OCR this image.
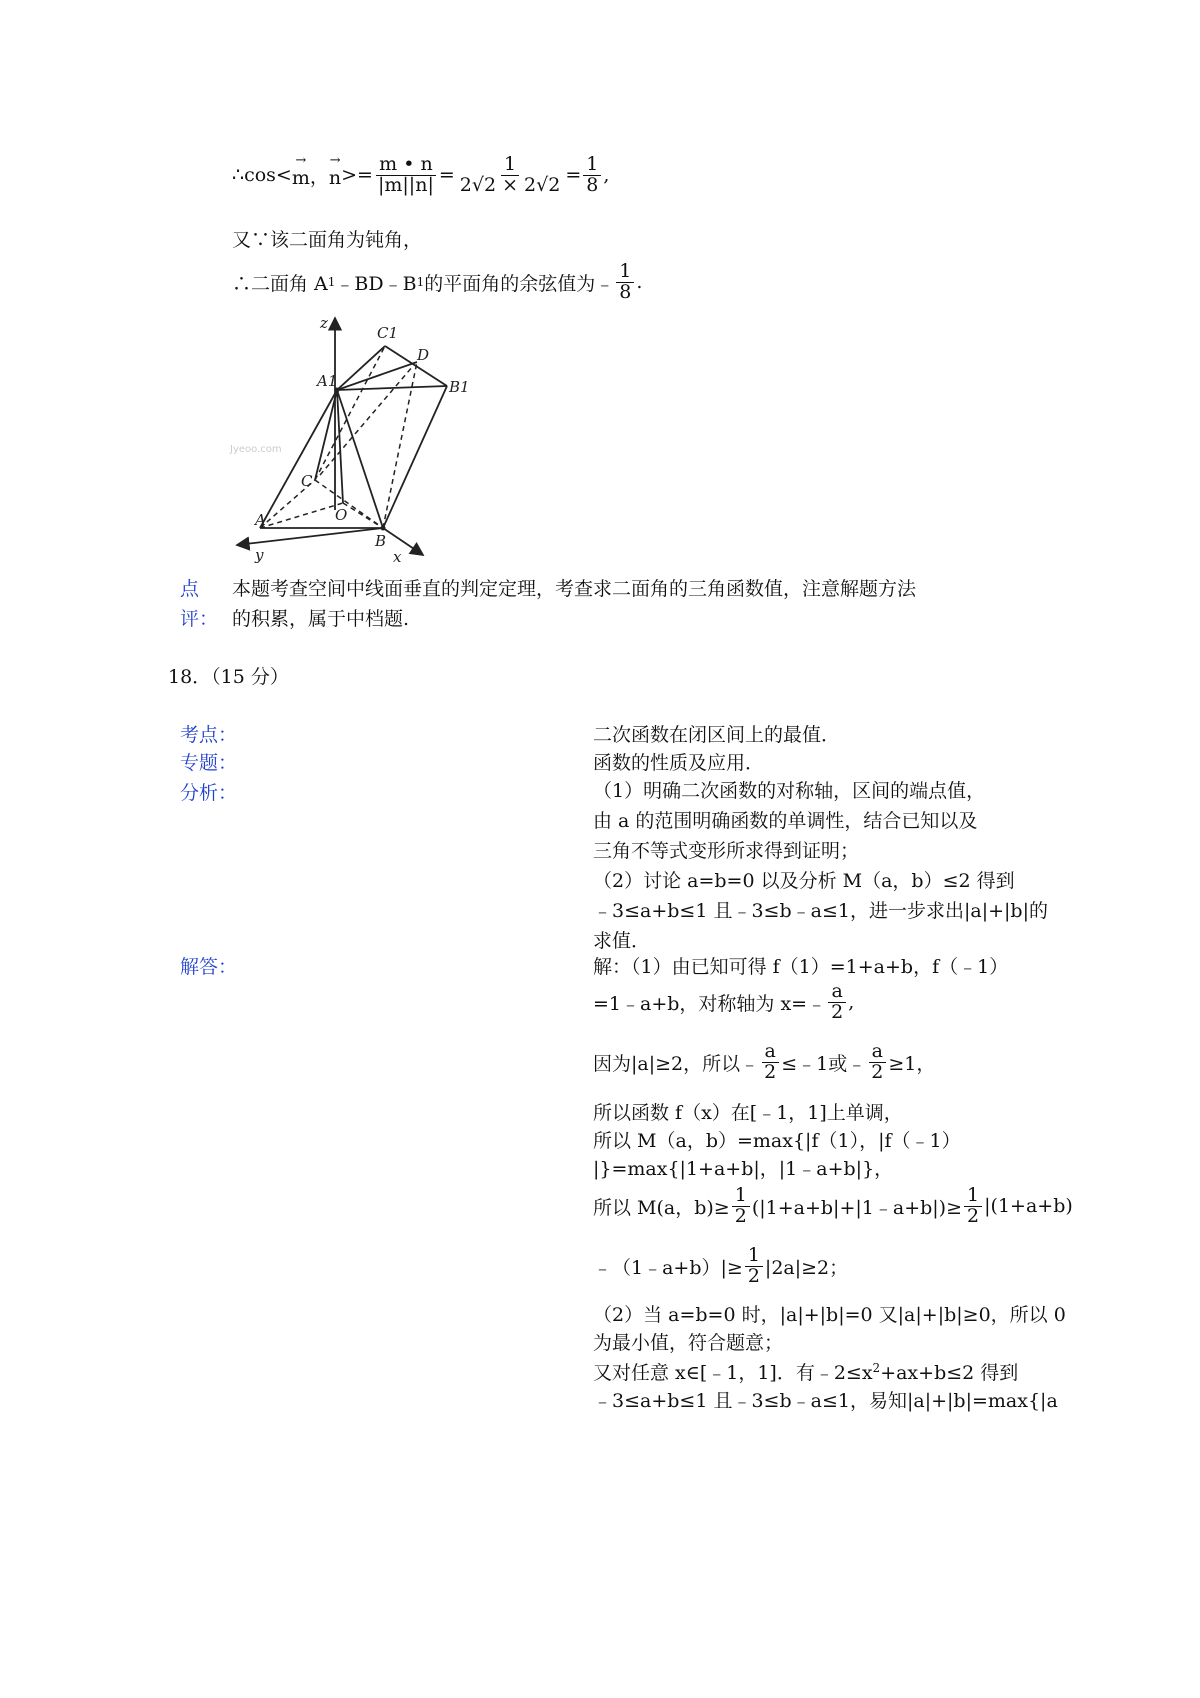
∴cos< → m ， → $n >= \frac{m • n}{|m||n|} = \frac{1}{2√2 \times 2√2} = \frac{1}{8}$ ,
又∵该二面角为钝角，
∴二面角 A 1 ﹣BD﹣B 1 的平面角的余弦值为﹣ $\frac{1}{8}$ .
z
C1
D
A1	B1
C
O
A
B
y	x
Jyeoo.com
点
评：
本题考查空间中线面垂直的判定定理，考查求二面角的三角函数值，注意解题方法
的积累，属于中档题.
18．（15 分）
考点：	二次函数在闭区间上的最值．
专题：	函数的性质及应用．
分析：	（1）明确二次函数的对称轴，区间的端点值，
由 a 的范围明确函数的单调性，结合已知以及
三角不等式变形所求得到证明；
（2）讨论 a=b=0 以及分析 M（a，b）≤2 得到
﹣3≤a+b≤1 且﹣3≤b﹣a≤1，进一步求出|a|+|b|的
求值．
解答：	解：（1）由已知可得 f（1）=1+a+b，f（﹣1）
=1﹣a+b，对称轴为 x=﹣ $\frac{a}{2}$ ,
因为|a|≥2，所以﹣ $\frac{a}{2}$ ≤﹣1或﹣ $\frac{a}{2} \ge 1$，
所以函数 f（x）在[﹣1，1]上单调，
所以 M（a，b）=max{|f（1），|f（﹣1）
|}=max{|1+a+b|，|1﹣a+b|}，
所以 M(a，$b)\ge \frac{1}{2}$ (|1+a+b|+|1﹣a+b|)≥ $\frac{1}{2} |(1+a+b)$
﹣（1﹣a+b）|≥ $\frac{1}{2} |2a|\ge 2$；
（2）当 a=b=0 时，|a|+|b|=0 又|a|+|b|≥0，所以 0
为最小值，符合题意；
又对任意 x∈[﹣1，1]．有$﹣2\le x^2+ax+b\le 2$ 得到
﹣3≤a+b≤1 且﹣3≤b﹣a≤1，易知|a|+|b|=max{|a
